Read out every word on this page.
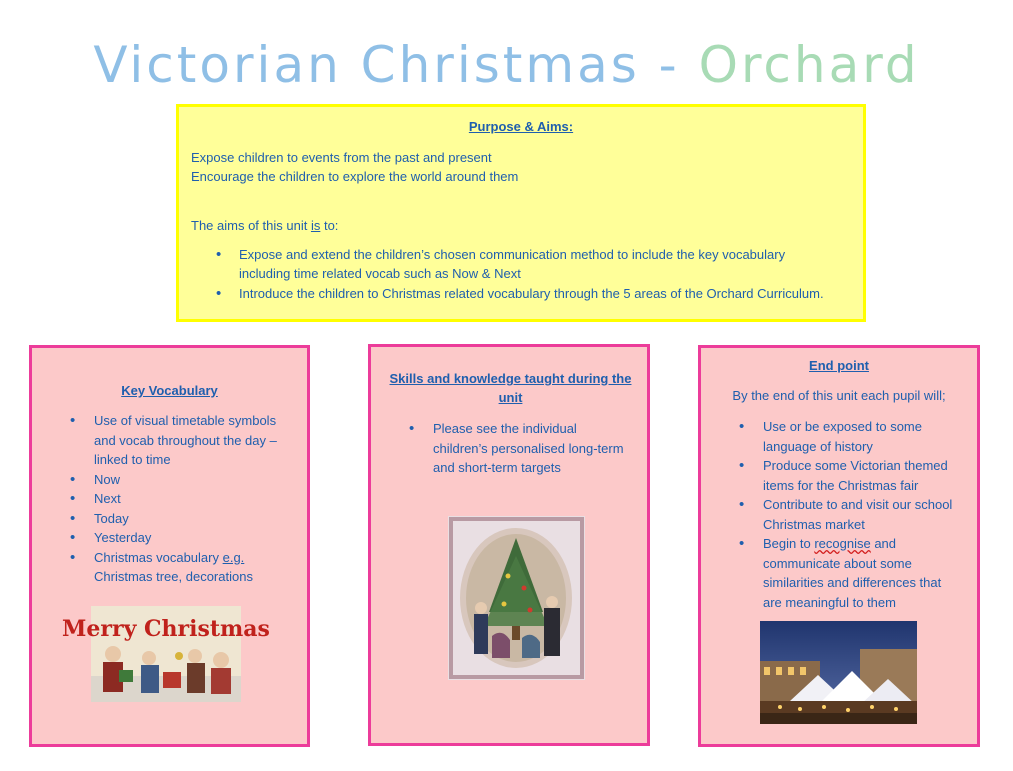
Victorian Christmas - Orchard
Purpose & Aims:
Expose children to events from the past and present
Encourage the children to explore the world around them
The aims of this unit is to:
• Expose and extend the children’s chosen communication method to include the key vocabulary including time related vocab such as Now & Next
• Introduce the children to Christmas related vocabulary through the 5 areas of the Orchard Curriculum.
Key Vocabulary
• Use of visual timetable symbols and vocab throughout the day – linked to time
• Now
• Next
• Today
• Yesterday
• Christmas vocabulary e.g. Christmas tree, decorations
Merry Christmas
Skills and knowledge taught during the unit
• Please see the individual children’s personalised long-term and short-term targets
End point
By the end of this unit each pupil will;
• Use or be exposed to some language of history
• Produce some Victorian themed items for the Christmas fair
• Contribute to and visit our school Christmas market
• Begin to recognise and communicate about some similarities and differences that are meaningful to them
